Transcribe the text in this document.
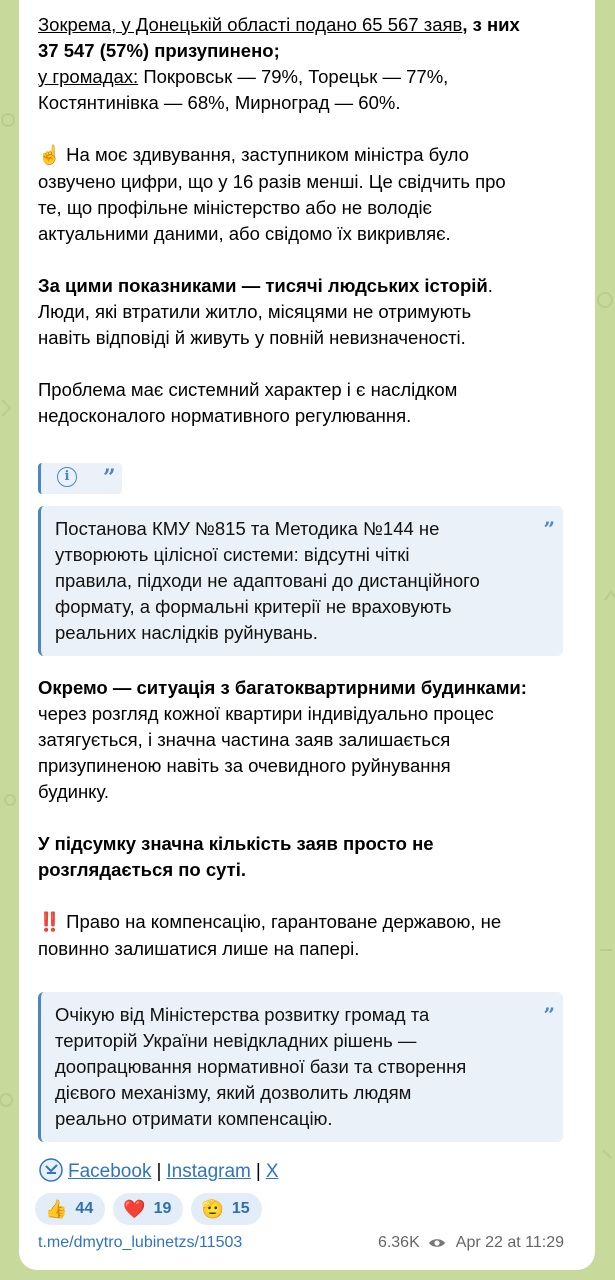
Зокрема, у Донецькій області подано 65 567 заяв, з них

37 547 (57%) призупинено;

у громадах: Покровськ — 79%, Торецьк — 77%,

Костянтинівка — 68%, Мирноград — 60%.

☝️ На моє здивування, заступником міністра було

озвучено цифри, що у 16 разів менші. Це свідчить про

те, що профільне міністерство або не володіє

актуальними даними, або свідомо їх викривляє.

За цими показниками — тисячі людських історій.

Люди, які втратили житло, місяцями не отримують

навіть відповіді й живуть у повній невизначеності.

Проблема має системний характер і є наслідком

недосконалого нормативного регулювання.

Окремо — ситуація з багатоквартирними будинками:

через розгляд кожної квартири індивідуально процес

затягується, і значна частина заяв залишається

призупиненою навіть за очевидного руйнування

будинку.

У підсумку значна кількість заяв просто не

розглядається по суті.

‼️ Право на компенсацію, гарантоване державою, не

повинно залишатися лише на папері.

i	”
”
Постанова КМУ №815 та Методика №144 не
утворюють цілісної системи: відсутні чіткі
правила, підходи не адаптовані до дистанційного
формату, а формальні критерії не враховують
реальних наслідків руйнувань.
”
Очікую від Міністерства розвитку громад та
територій України невідкладних рішень —
доопрацювання нормативної бази та створення
дієвого механізму, який дозволить людям
реально отримати компенсацію.
Facebook | Instagram | X
👍 44 ❤️ 19 🫡 15
t.me/dmytro_lubinetzs/11503	6.36K Apr 22 at 11:29
